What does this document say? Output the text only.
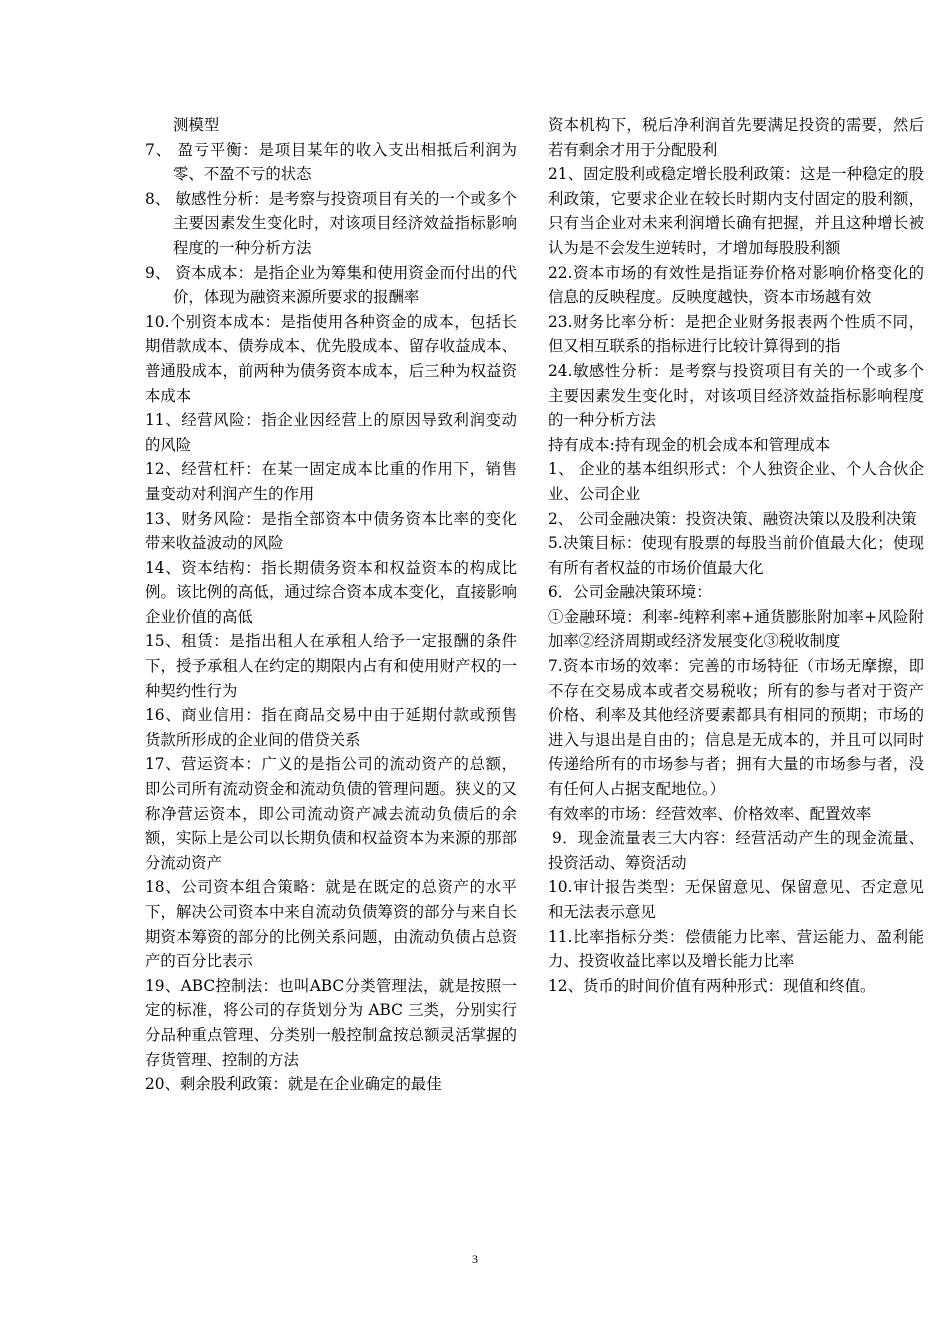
测模型

7、 盈亏平衡：是项目某年的收入支出相抵后利润为零、不盈不亏的状态

8、 敏感性分析：是考察与投资项目有关的一个或多个主要因素发生变化时，对该项目经济效益指标影响程度的一种分析方法

9、 资本成本：是指企业为筹集和使用资金而付出的代价，体现为融资来源所要求的报酬率

10.个别资本成本：是指使用各种资金的成本，包括长期借款成本、债券成本、优先股成本、留存收益成本、普通股成本，前两种为债务资本成本，后三种为权益资本成本

11、经营风险：指企业因经营上的原因导致利润变动的风险

12、经营杠杆：在某一固定成本比重的作用下，销售量变动对利润产生的作用

13、财务风险：是指全部资本中债务资本比率的变化带来收益波动的风险

14、资本结构：指长期债务资本和权益资本的构成比例。该比例的高低，通过综合资本成本变化，直接影响企业价值的高低

15、租赁：是指出租人在承租人给予一定报酬的条件下，授予承租人在约定的期限内占有和使用财产权的一种契约性行为

16、商业信用：指在商品交易中由于延期付款或预售货款所形成的企业间的借贷关系

17、营运资本：广义的是指公司的流动资产的总额，即公司所有流动资金和流动负债的管理问题。狭义的又称净营运资本，即公司流动资产减去流动负债后的余额，实际上是公司以长期负债和权益资本为来源的那部分流动资产

18、公司资本组合策略：就是在既定的总资产的水平下，解决公司资本中来自流动负债筹资的部分与来自长期资本筹资的部分的比例关系问题，由流动负债占总资产的百分比表示

19、ABC控制法：也叫ABC分类管理法，就是按照一定的标准，将公司的存货划分为 ABC 三类，分别实行分品种重点管理、分类别一般控制盒按总额灵活掌握的存货管理、控制的方法

20、剩余股利政策：就是在企业确定的最佳

资本机构下，税后净利润首先要满足投资的需要，然后若有剩余才用于分配股利

21、固定股利或稳定增长股利政策：这是一种稳定的股利政策，它要求企业在较长时期内支付固定的股利额，只有当企业对未来利润增长确有把握，并且这种增长被认为是不会发生逆转时，才增加每股股利额

22.资本市场的有效性是指证券价格对影响价格变化的信息的反映程度。反映度越快，资本市场越有效

23.财务比率分析：是把企业财务报表两个性质不同，但又相互联系的指标进行比较计算得到的指

24.敏感性分析：是考察与投资项目有关的一个或多个主要因素发生变化时，对该项目经济效益指标影响程度的一种分析方法

持有成本:持有现金的机会成本和管理成本

1、 企业的基本组织形式：个人独资企业、个人合伙企业、公司企业

2、 公司金融决策：投资决策、融资决策以及股利决策

5.决策目标：使现有股票的每股当前价值最大化；使现有所有者权益的市场价值最大化

6．公司金融决策环境：

①金融环境：利率-纯粹利率+通货膨胀附加率+风险附加率②经济周期或经济发展变化③税收制度

7.资本市场的效率：完善的市场特征（市场无摩擦，即不存在交易成本或者交易税收；所有的参与者对于资产价格、利率及其他经济要素都具有相同的预期；市场的进入与退出是自由的；信息是无成本的，并且可以同时传递给所有的市场参与者；拥有大量的市场参与者，没有任何人占据支配地位。）

有效率的市场：经营效率、价格效率、配置效率

9．现金流量表三大内容：经营活动产生的现金流量、投资活动、筹资活动

10.审计报告类型：无保留意见、保留意见、否定意见和无法表示意见

11.比率指标分类：偿债能力比率、营运能力、盈利能力、投资收益比率以及增长能力比率

12、货币的时间价值有两种形式：现值和终值。

3
